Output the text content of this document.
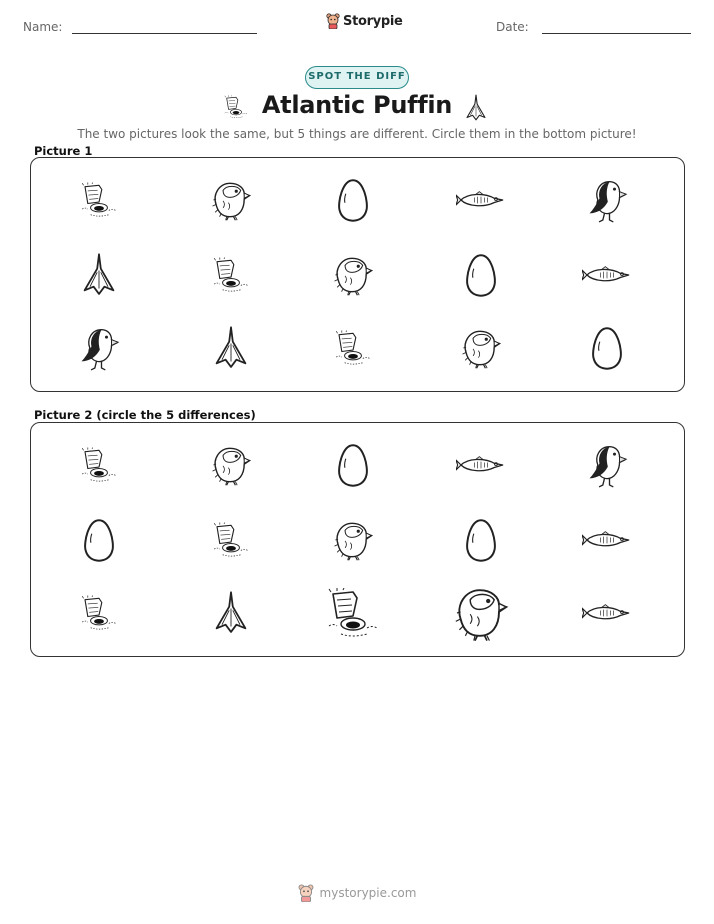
Name:	Storypie	Date:
SPOT THE DIFF
Atlantic Puffin
The two pictures look the same, but 5 things are different. Circle them in the bottom picture!
Picture 1
Picture 2 (circle the 5 differences)
mystorypie.com
